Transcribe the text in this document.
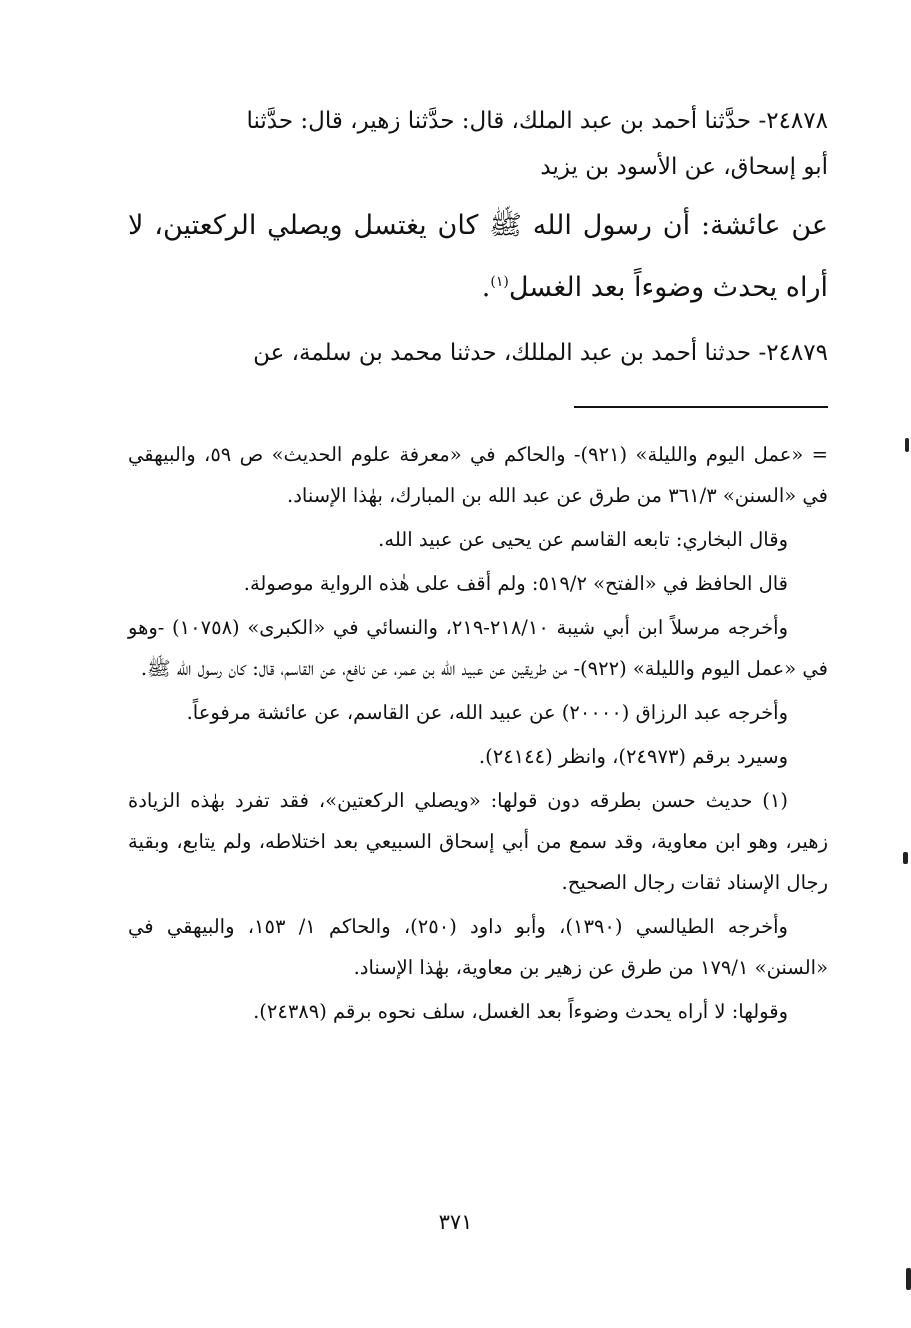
٢٤٨٧٨- حدَّثنا أحمد بن عبد الملك، قال: حدَّثنا زهير، قال: حدَّثنا
أبو إسحاق، عن الأسود بن يزيد

عن عائشة: أن رسول الله ﷺ كان يغتسل ويصلي الركعتين، لا أراه يحدث وضوءاً بعد الغسل$^{(١)}$.

٢٤٨٧٩- حدثنا أحمد بن عبد المللك، حدثنا محمد بن سلمة، عن

= «عمل اليوم والليلة» (٩٢١)- والحاكم في «معرفة علوم الحديث» ص ٥٩، والبيهقي في «السنن» ٣٦١/٣ من طرق عن عبد الله بن المبارك، بهٰذا الإسناد.

وقال البخاري: تابعه القاسم عن يحيى عن عبيد الله.

قال الحافظ في «الفتح» ٥١٩/٢: ولم أقف على هٰذه الرواية موصولة.

وأخرجه مرسلاً ابن أبي شيبة ٢١٨/١٠-٢١٩، والنسائي في «الكبرى» (١٠٧٥٨) -وهو في «عمل اليوم والليلة» (٩٢٢)- من طريقين عن عبيد الله بن عمر، عن نافع، عن القاسم، قال: كان رسول الله ﷺ.

وأخرجه عبد الرزاق (٢٠٠٠٠) عن عبيد الله، عن القاسم، عن عائشة مرفوعاً.

وسيرد برقم (٢٤٩٧٣)، وانظر (٢٤١٤٤).

(١) حديث حسن بطرقه دون قولها: «ويصلي الركعتين»، فقد تفرد بهٰذه الزيادة زهير، وهو ابن معاوية، وقد سمع من أبي إسحاق السبيعي بعد اختلاطه، ولم يتابع، وبقية رجال الإسناد ثقات رجال الصحيح.

وأخرجه الطيالسي (١٣٩٠)، وأبو داود (٢٥٠)، والحاكم ١/ ١٥٣، والبيهقي في «السنن» ١٧٩/١ من طرق عن زهير بن معاوية، بهٰذا الإسناد.

وقولها: لا أراه يحدث وضوءاً بعد الغسل، سلف نحوه برقم (٢٤٣٨٩).

٣٧١
